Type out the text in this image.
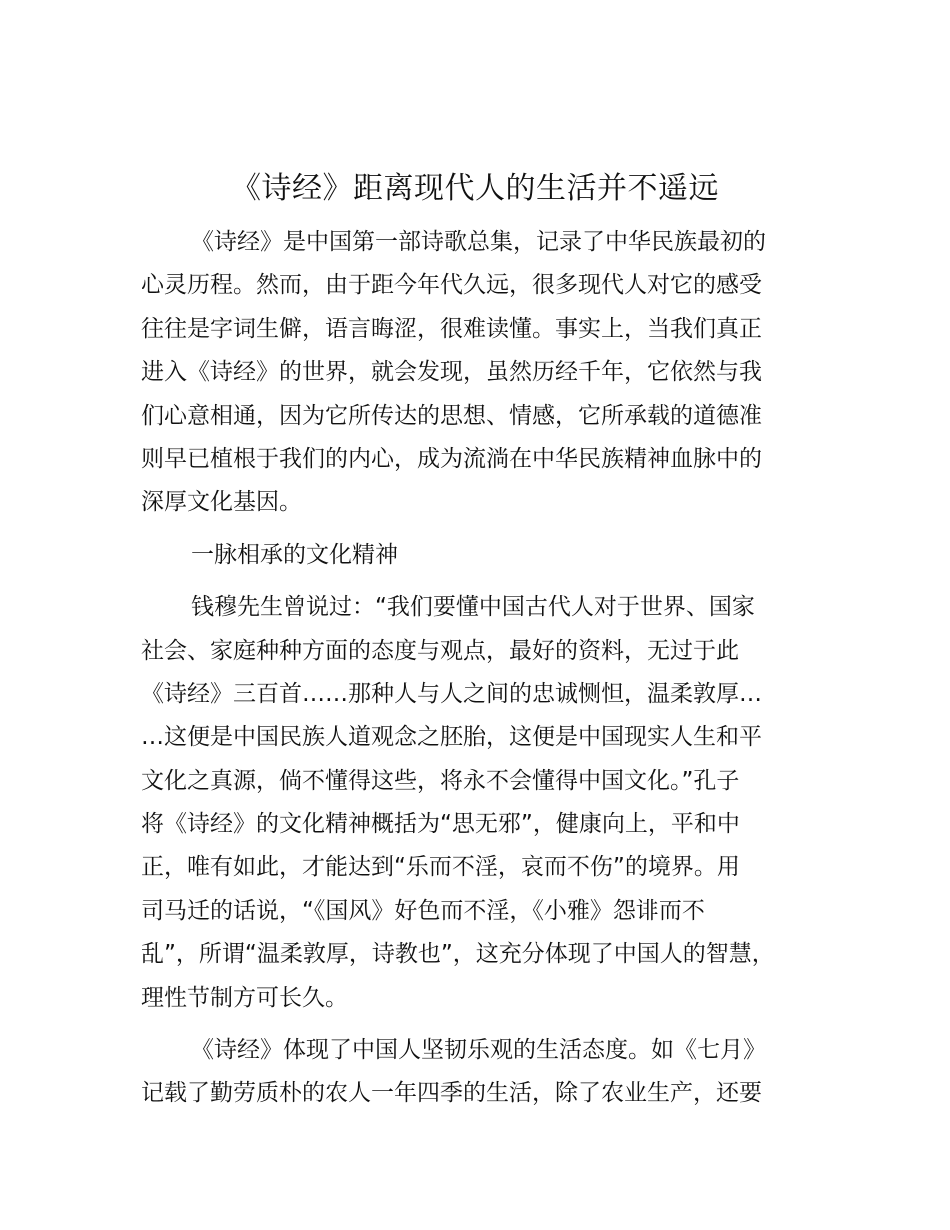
《诗经》距离现代人的生活并不遥远
《诗经》是中国第一部诗歌总集，记录了中华民族最初的
心灵历程。然而，由于距今年代久远，很多现代人对它的感受
往往是字词生僻，语言晦涩，很难读懂。事实上，当我们真正
进入《诗经》的世界，就会发现，虽然历经千年，它依然与我
们心意相通，因为它所传达的思想、情感，它所承载的道德准
则早已植根于我们的内心，成为流淌在中华民族精神血脉中的
深厚文化基因。
一脉相承的文化精神
钱穆先生曾说过：“我们要懂中国古代人对于世界、国家
社会、家庭种种方面的态度与观点，最好的资料，无过于此
《诗经》三百首……那种人与人之间的忠诚恻怛，温柔敦厚…
…这便是中国民族人道观念之胚胎，这便是中国现实人生和平
文化之真源，倘不懂得这些，将永不会懂得中国文化。”孔子
将《诗经》的文化精神概括为“思无邪”，健康向上，平和中
正，唯有如此，才能达到“乐而不淫，哀而不伤”的境界。用
司马迁的话说，“《国风》好色而不淫，《小雅》怨诽而不
乱”，所谓“温柔敦厚，诗教也”，这充分体现了中国人的智慧，
理性节制方可长久。
《诗经》体现了中国人坚韧乐观的生活态度。如《七月》
记载了勤劳质朴的农人一年四季的生活，除了农业生产，还要
